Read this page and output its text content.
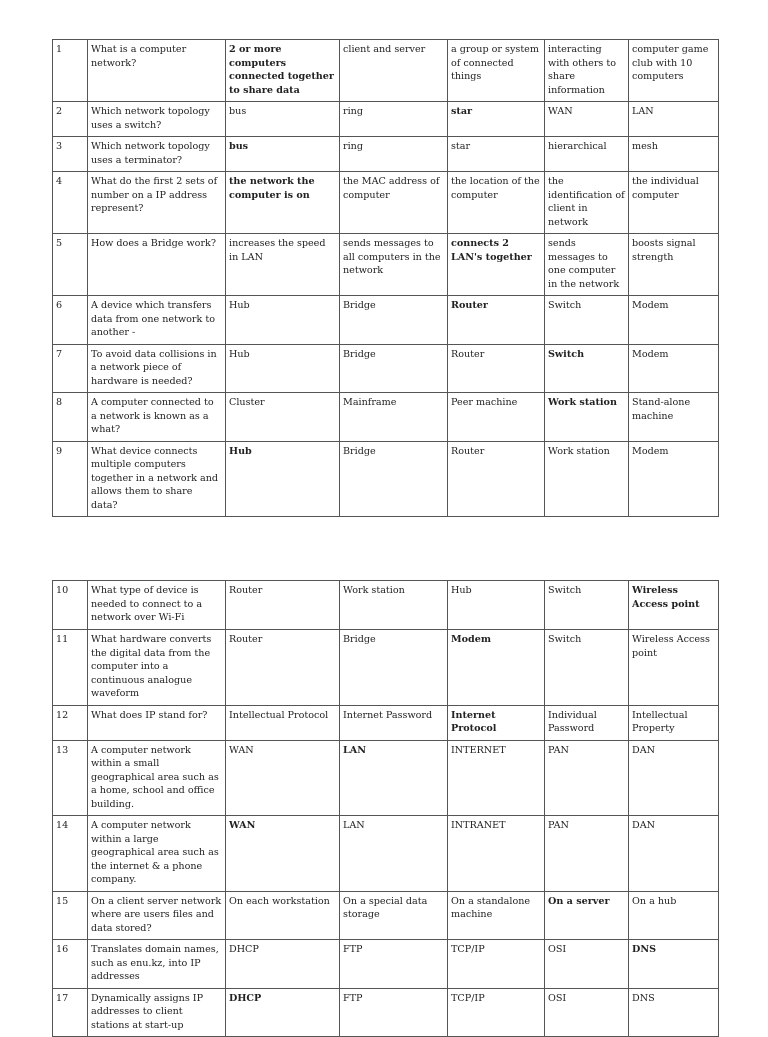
1	What is a computer network?	2 or more computers connected together to share data	client and server	a group or system of connected things	interacting with others to share information	computer game club with 10 computers
2	Which network topology uses a switch?	bus	ring	star	WAN	LAN
3	Which network topology uses a terminator?	bus	ring	star	hierarchical	mesh
4	What do the first 2 sets of number on a IP address represent?	the network the computer is on	the MAC address of computer	the location of the computer	the identification of client in network	the individual computer
5	How does a Bridge work?	increases the speed in LAN	sends messages to all computers in the network	connects 2 LAN's together	sends messages to one computer in the network	boosts signal strength
6	A device which transfers data from one network to another -	Hub	Bridge	Router	Switch	Modem
7	To avoid data collisions in a network piece of hardware is needed?	Hub	Bridge	Router	Switch	Modem
8	A computer connected to a network is known as a what?	Cluster	Mainframe	Peer machine	Work station	Stand-alone machine
9	What device connects multiple computers together in a network and allows them to share data?	Hub	Bridge	Router	Work station	Modem
10	What type of device is needed to connect to a network over Wi-Fi	Router	Work station	Hub	Switch	Wireless Access point
11	What hardware converts the digital data from the computer into a continuous analogue waveform	Router	Bridge	Modem	Switch	Wireless Access point
12	What does IP stand for?	Intellectual Protocol	Internet Password	Internet Protocol	Individual Password	Intellectual Property
13	A computer network within a small geographical area such as a home, school and office building.	WAN	LAN	INTERNET	PAN	DAN
14	A computer network within a large geographical area such as the internet & a phone company.	WAN	LAN	INTRANET	PAN	DAN
15	On a client server network where are users files and data stored?	On each workstation	On a special data storage	On a standalone machine	On a server	On a hub
16	Translates domain names, such as enu.kz, into IP addresses	DHCP	FTP	TCP/IP	OSI	DNS
17	Dynamically assigns IP addresses to client stations at start-up	DHCP	FTP	TCP/IP	OSI	DNS
